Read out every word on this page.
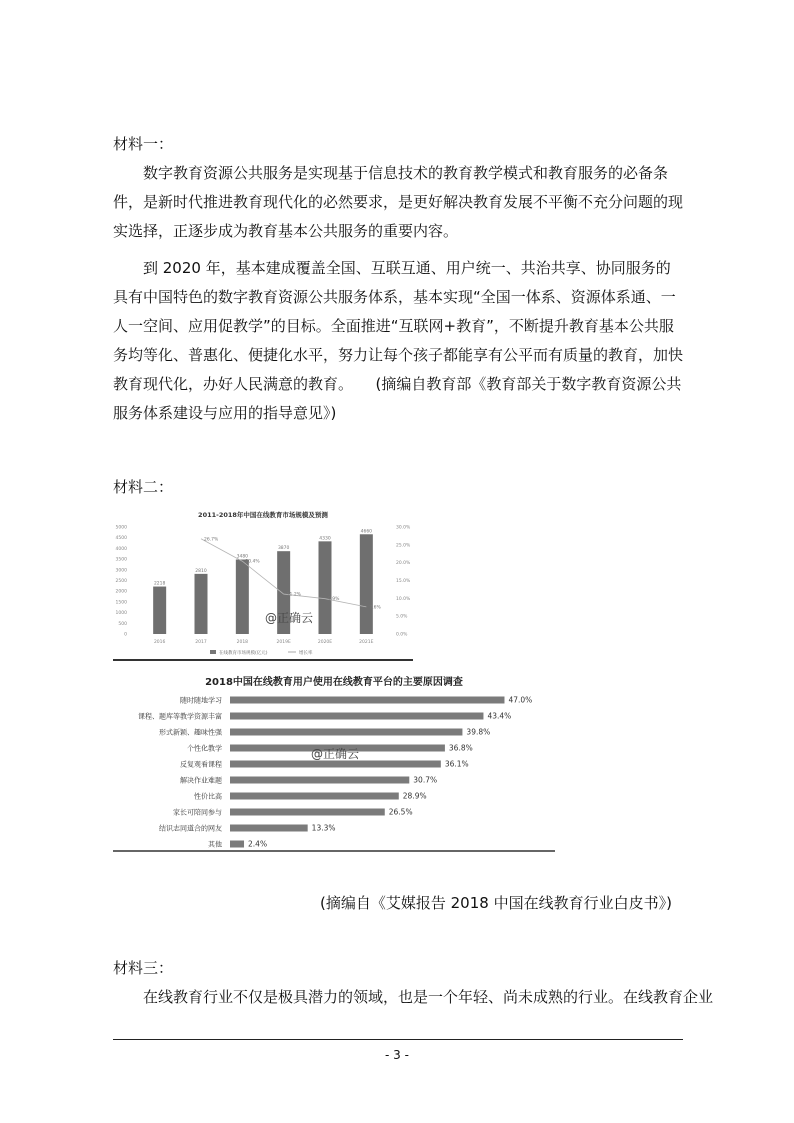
材料一：

数字教育资源公共服务是实现基于信息技术的教育教学模式和教育服务的必备条件，是新时代推进教育现代化的必然要求，是更好解决教育发展不平衡不充分问题的现实选择，正逐步成为教育基本公共服务的重要内容。

到 2020 年，基本建成覆盖全国、互联互通、用户统一、共治共享、协同服务的具有中国特色的数字教育资源公共服务体系，基本实现“全国一体系、资源体系通、一人一空间、应用促教学”的目标。全面推进“互联网+教育”，不断提升教育基本公共服务均等化、普惠化、便捷化水平，努力让每个孩子都能享有公平而有质量的教育，加快教育现代化，办好人民满意的教育。　　(摘编自教育部《教育部关于数字教育资源公共服务体系建设与应用的指导意见》)

材料二：
2011-2018年中国在线教育市场规模及预测
5000
4500
4000
3500
3000
2500
2000
1500
1000
500
0
30.0%
25.0%
20.0%
15.0%
10.0%
5.0%
0.0%
2218
2810
3480
3870
4330
4660
26.7%
20.4%
11.2%
9.9%
7.6%
2016	2017	2018	2019E	2020E	2021E
在线教育市场规模(亿元)	增长率
@正确云
2018中国在线教育用户使用在线教育平台的主要原因调查
随时随地学习	47.0%
课程、题库等教学资源丰富	43.4%
形式新颖、趣味性强	39.8%
个性化教学	36.8%
反复观看课程	36.1%
解决作业难题	30.7%
性价比高	28.9%
家长可陪同参与	26.5%
结识志同道合的网友	13.3%
其他	2.4%
@正确云
(摘编自《艾媒报告 2018 中国在线教育行业白皮书》)
材料三：

在线教育行业不仅是极具潜力的领域，也是一个年轻、尚未成熟的行业。在线教育企业

- 3 -
